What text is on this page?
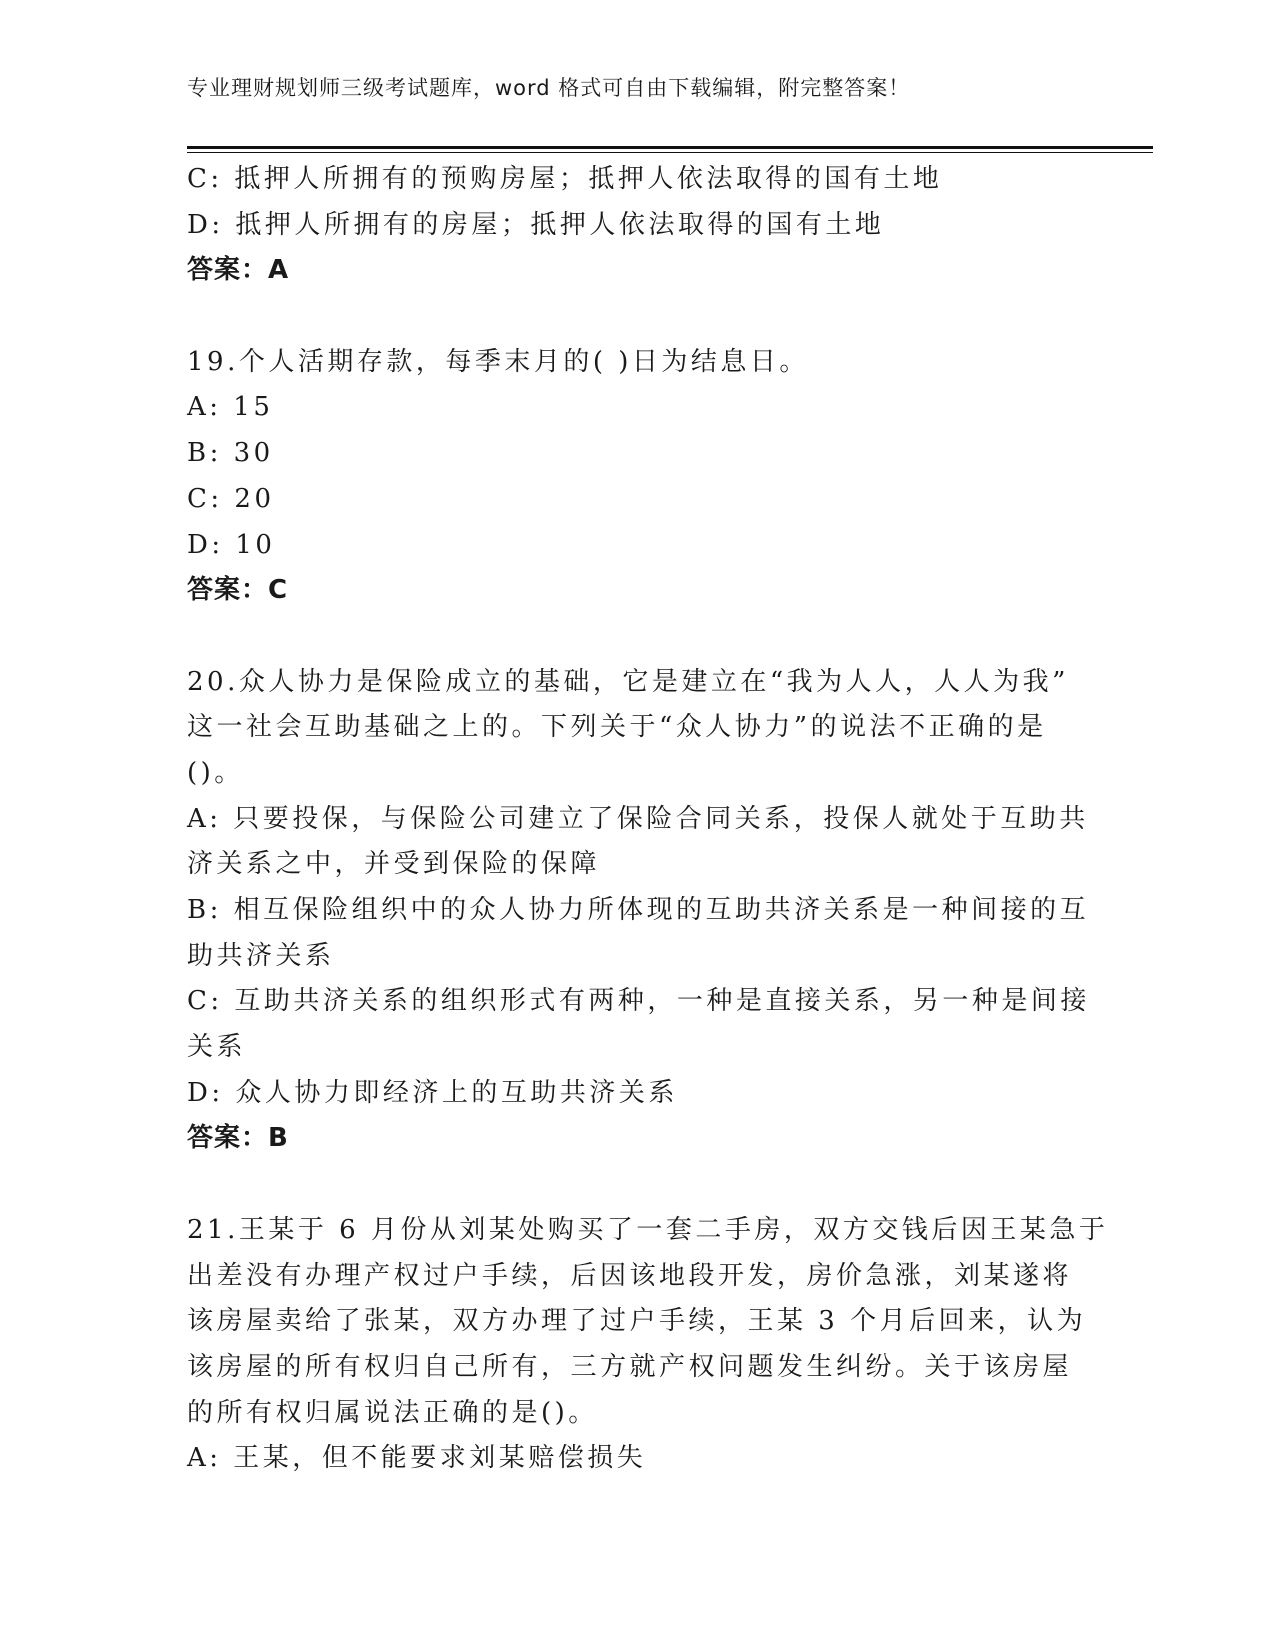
专业理财规划师三级考试题库，word 格式可自由下载编辑，附完整答案！
C: 抵押人所拥有的预购房屋；抵押人依法取得的国有土地
D: 抵押人所拥有的房屋；抵押人依法取得的国有土地
答案：A
19.个人活期存款，每季末月的( )日为结息日。
A: 15
B: 30
C: 20
D: 10
答案：C
20.众人协力是保险成立的基础，它是建立在“我为人人，人人为我”
这一社会互助基础之上的。下列关于“众人协力”的说法不正确的是
()。
A: 只要投保，与保险公司建立了保险合同关系，投保人就处于互助共
济关系之中，并受到保险的保障
B: 相互保险组织中的众人协力所体现的互助共济关系是一种间接的互
助共济关系
C: 互助共济关系的组织形式有两种，一种是直接关系，另一种是间接
关系
D: 众人协力即经济上的互助共济关系
答案：B
21.王某于 6 月份从刘某处购买了一套二手房，双方交钱后因王某急于
出差没有办理产权过户手续，后因该地段开发，房价急涨，刘某遂将
该房屋卖给了张某，双方办理了过户手续，王某 3 个月后回来，认为
该房屋的所有权归自己所有，三方就产权问题发生纠纷。关于该房屋
的所有权归属说法正确的是()。
A: 王某，但不能要求刘某赔偿损失
